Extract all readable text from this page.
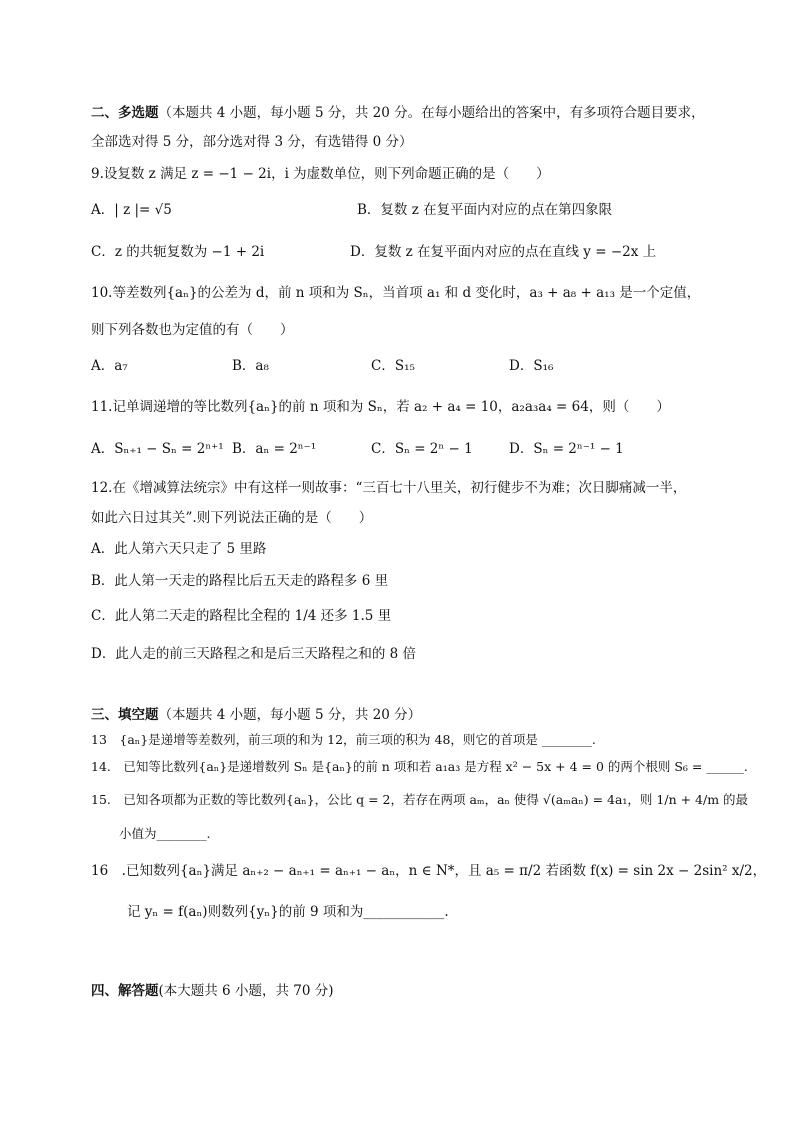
二、多选题（本题共 4 小题，每小题 5 分，共 20 分。在每小题给出的答案中，有多项符合题目要求，
全部选对得 5 分，部分选对得 3 分，有选错得 0 分）
9.设复数 z 满足 z = −1 − 2i，i 为虚数单位，则下列命题正确的是（　　）
A．| z |= √5	B．复数 z 在复平面内对应的点在第四象限
C．z 的共轭复数为 −1 + 2i	D．复数 z 在复平面内对应的点在直线 y = −2x 上
10.等差数列{aₙ}的公差为 d，前 n 项和为 Sₙ，当首项 a₁ 和 d 变化时，a₃ + a₈ + a₁₃ 是一个定值，
则下列各数也为定值的有（　　）
A．a₇	B．a₈	C．S₁₅	D．S₁₆
11.记单调递增的等比数列{aₙ}的前 n 项和为 Sₙ，若 a₂ + a₄ = 10，a₂a₃a₄ = 64，则（　　）
A．Sₙ₊₁ − Sₙ = 2ⁿ⁺¹ B．aₙ = 2ⁿ⁻¹	C．Sₙ = 2ⁿ − 1	D．Sₙ = 2ⁿ⁻¹ − 1
12.在《增减算法统宗》中有这样一则故事：“三百七十八里关，初行健步不为难；次日脚痛减一半，
如此六日过其关”.则下列说法正确的是（　　）
A．此人第六天只走了 5 里路
B．此人第一天走的路程比后五天走的路程多 6 里
C．此人第二天走的路程比全程的 1/4 还多 1.5 里
D．此人走的前三天路程之和是后三天路程之和的 8 倍
三、填空题（本题共 4 小题，每小题 5 分，共 20 分）
13　{aₙ}是递增等差数列，前三项的和为 12，前三项的积为 48，则它的首项是 ________.
14.　已知等比数列{aₙ}是递增数列 Sₙ 是{aₙ}的前 n 项和若 a₁a₃ 是方程 x² − 5x + 4 = 0 的两个根则 S₆ = ______.
15.　已知各项都为正数的等比数列{aₙ}，公比 q = 2，若存在两项 aₘ，aₙ 使得 √(aₘaₙ) = 4a₁，则 1/n + 4/m 的最
小值为________.
16　.已知数列{aₙ}满足 aₙ₊₂ − aₙ₊₁ = aₙ₊₁ − aₙ，n ∈ N*，且 a₅ = π/2 若函数 f(x) = sin 2x − 2sin² x/2，
记 yₙ = f(aₙ)则数列{yₙ}的前 9 项和为____________.
四、解答题(本大题共 6 小题，共 70 分)
